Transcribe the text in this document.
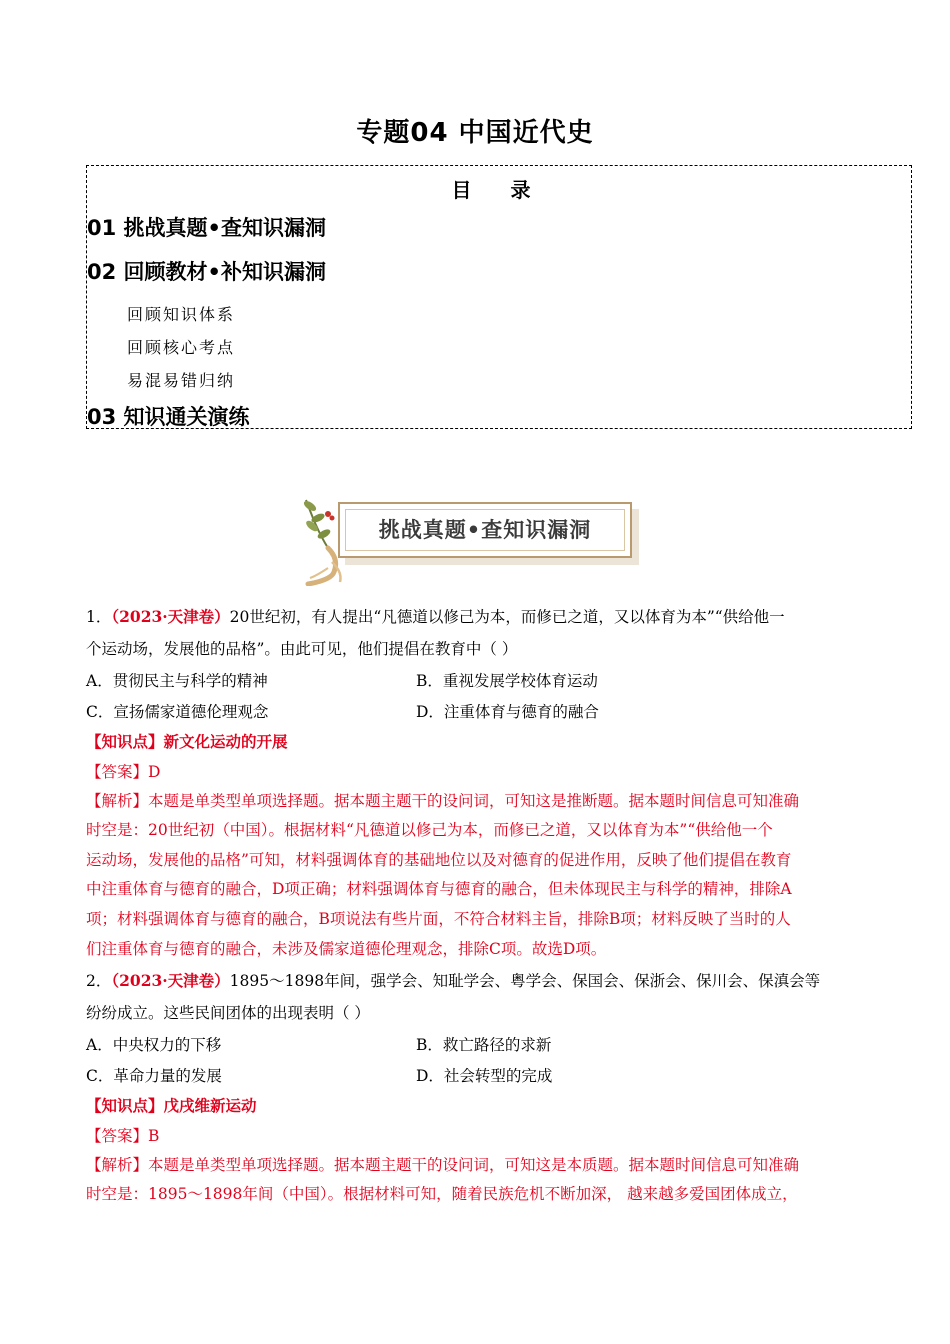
专题04 中国近代史
目 录
01 挑战真题•查知识漏洞
02 回顾教材•补知识漏洞
回顾知识体系
回顾核心考点
易混易错归纳
03 知识通关演练
挑战真题•查知识漏洞
1．（2023·天津卷）20世纪初，有人提出“凡德道以修己为本，而修已之道，又以体育为本”“供给他一
个运动场，发展他的品格”。由此可见，他们提倡在教育中（ ）
A．贯彻民主与科学的精神	B．重视发展学校体育运动
C．宣扬儒家道德伦理观念	D．注重体育与德育的融合
【知识点】新文化运动的开展
【答案】D
【解析】本题是单类型单项选择题。据本题主题干的设问词，可知这是推断题。据本题时间信息可知准确
时空是：20世纪初（中国）。根据材料“凡德道以修己为本，而修已之道，又以体育为本”“供给他一个
运动场，发展他的品格”可知，材料强调体育的基础地位以及对德育的促进作用，反映了他们提倡在教育
中注重体育与德育的融合，D项正确；材料强调体育与德育的融合，但未体现民主与科学的精神，排除A
项；材料强调体育与德育的融合，B项说法有些片面，不符合材料主旨，排除B项；材料反映了当时的人
们注重体育与德育的融合，未涉及儒家道德伦理观念，排除C项。故选D项。
2．（2023·天津卷）1895～1898年间，强学会、知耻学会、粤学会、保国会、保浙会、保川会、保滇会等
纷纷成立。这些民间团体的出现表明（ ）
A．中央权力的下移	B．救亡路径的求新
C．革命力量的发展	D．社会转型的完成
【知识点】戊戌维新运动
【答案】B
【解析】本题是单类型单项选择题。据本题主题干的设问词，可知这是本质题。据本题时间信息可知准确
时空是：1895～1898年间（中国）。根据材料可知，随着民族危机不断加深， 越来越多爱国团体成立，
